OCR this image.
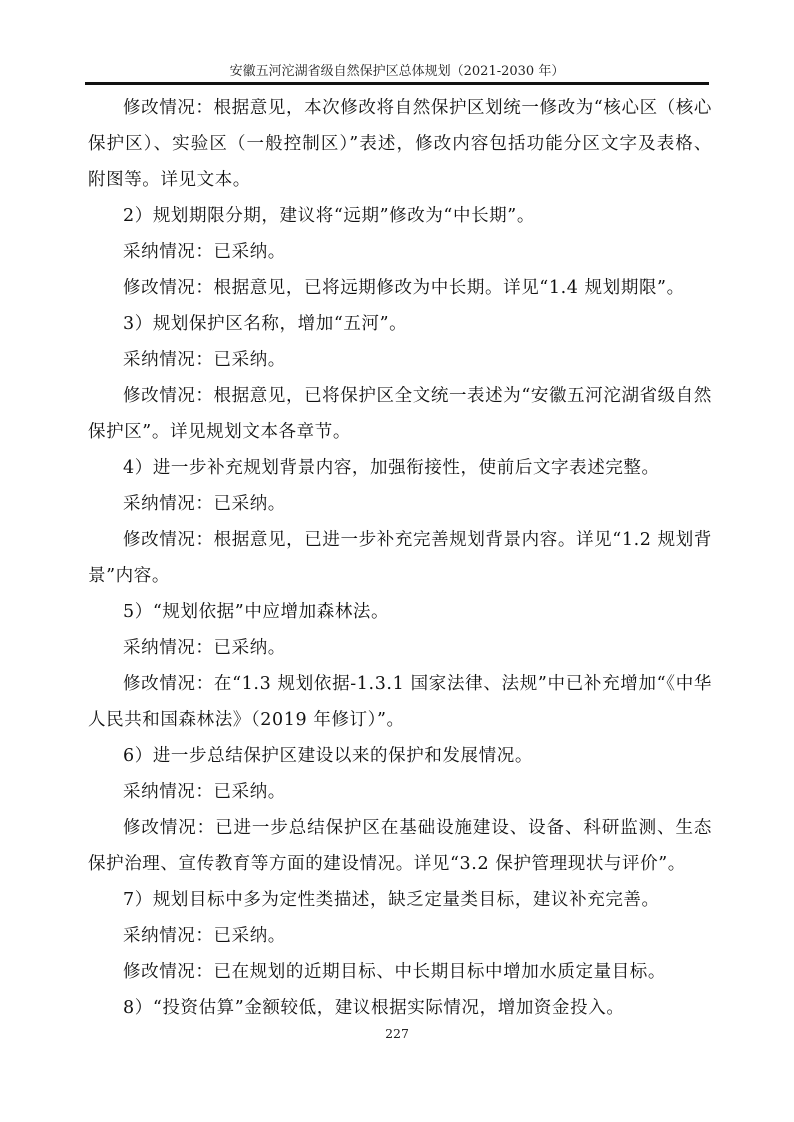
安徽五河沱湖省级自然保护区总体规划（2021-2030 年）

修改情况：根据意见，本次修改将自然保护区划统一修改为“核心区（核心保护区）、实验区（一般控制区）”表述，修改内容包括功能分区文字及表格、附图等。详见文本。

2）规划期限分期，建议将“远期”修改为“中长期”。

采纳情况：已采纳。

修改情况：根据意见，已将远期修改为中长期。详见“1.4 规划期限”。

3）规划保护区名称，增加“五河”。

采纳情况：已采纳。

修改情况：根据意见，已将保护区全文统一表述为“安徽五河沱湖省级自然保护区”。详见规划文本各章节。

4）进一步补充规划背景内容，加强衔接性，使前后文字表述完整。

采纳情况：已采纳。

修改情况：根据意见，已进一步补充完善规划背景内容。详见“1.2 规划背景”内容。

5）“规划依据”中应增加森林法。

采纳情况：已采纳。

修改情况：在“1.3 规划依据-1.3.1 国家法律、法规”中已补充增加“《中华人民共和国森林法》（2019 年修订）”。

6）进一步总结保护区建设以来的保护和发展情况。

采纳情况：已采纳。

修改情况：已进一步总结保护区在基础设施建设、设备、科研监测、生态保护治理、宣传教育等方面的建设情况。详见“3.2 保护管理现状与评价”。

7）规划目标中多为定性类描述，缺乏定量类目标，建议补充完善。

采纳情况：已采纳。

修改情况：已在规划的近期目标、中长期目标中增加水质定量目标。

8）“投资估算”金额较低，建议根据实际情况，增加资金投入。

227
